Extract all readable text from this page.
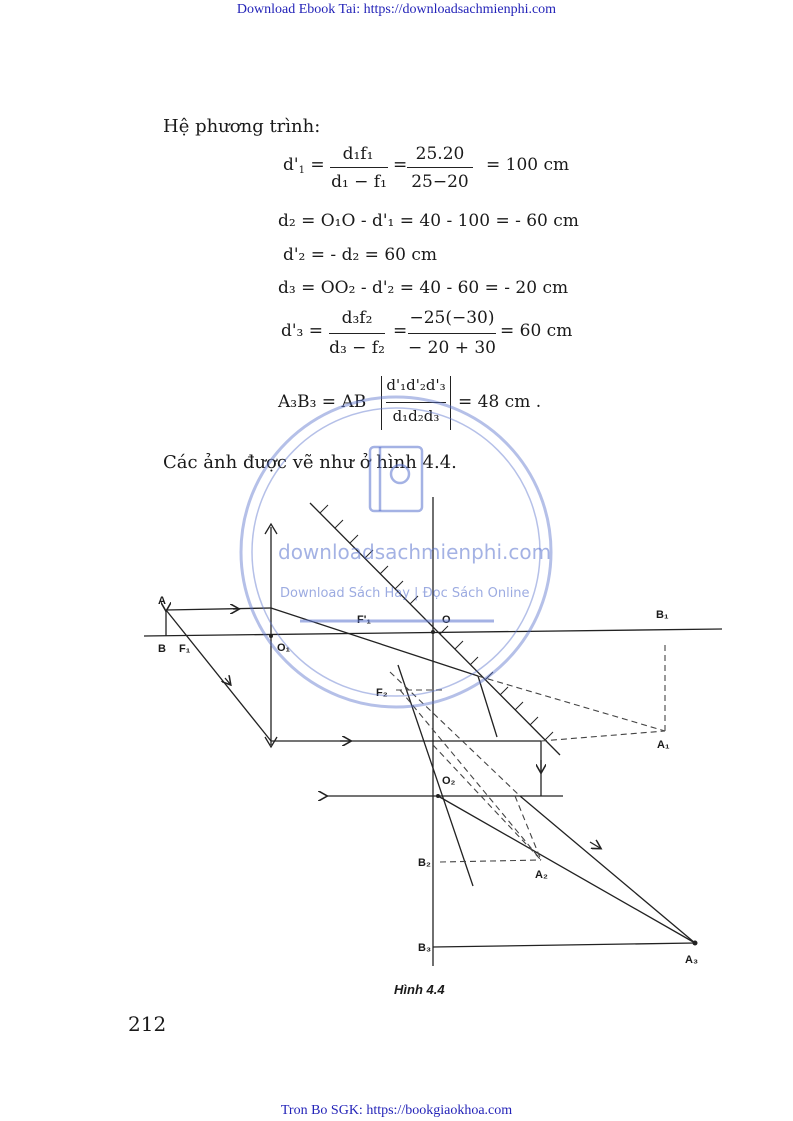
Download Ebook Tai: https://downloadsachmienphi.com
Hệ phương trình:
$d'_1$ =
d₁f₁
d₁ − f₁
=
25.20
25−20
= 100 cm
d₂ = O₁O - d'₁ = 40 - 100 = - 60 cm
d'₂ = - d₂ = 60 cm
d₃ = OO₂ - d'₂ = 40 - 60 = - 20 cm
d'₃ =
d₃f₂
d₃ − f₂
=
−25(−30)
− 20 + 30
= 60 cm
A₃B₃ = AB
d'₁d'₂d'₃
d₁d₂d₃
= 48 cm .
Các ảnh được vẽ như ở hình 4.4.
A
B F₁	O₁
F'₁	O	B₁
A₁
F₂
O₂
B₂
A₂
B₃
A₃
Hình 4.4
downloadsachmienphi.com
Download Sách Hay | Đọc Sách Online
212
Tron Bo SGK: https://bookgiaokhoa.com
